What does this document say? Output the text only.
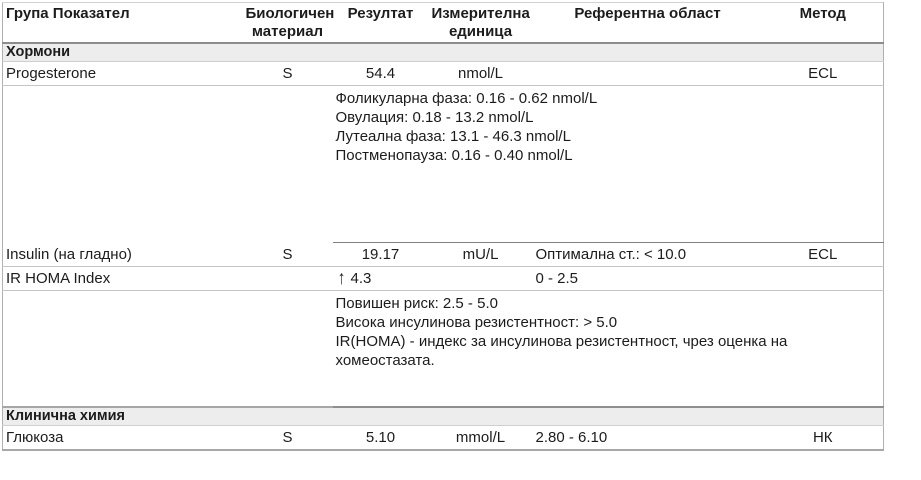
Група Показател	Биологичен материал	Резултат	Измерителна единица	Референтна област	Метод
Хормони					
Progesterone	S	54.4	nmol/L		ECL

		Фоликуларна фаза: 0.16 - 0.62 nmol/L
Овулация: 0.18 - 13.2 nmol/L
Лутеална фаза: 13.1 - 46.3 nmol/L
Постменопауза: 0.16 - 0.40 nmol/L			

Insulin (на гладно)	S	19.17	mU/L	Оптимална ст.: < 10.0	ECL
IR HOMA Index		↑ 4.3		0 - 2.5	

		Повишен риск: 2.5 - 5.0
Висока инсулинова резистентност: > 5.0
IR(HOMA) - индекс за инсулинова резистентност, чрез оценка на хомеостазата.			

Клинична химия					
Глюкоза	S	5.10	mmol/L	2.80 - 6.10	НК
